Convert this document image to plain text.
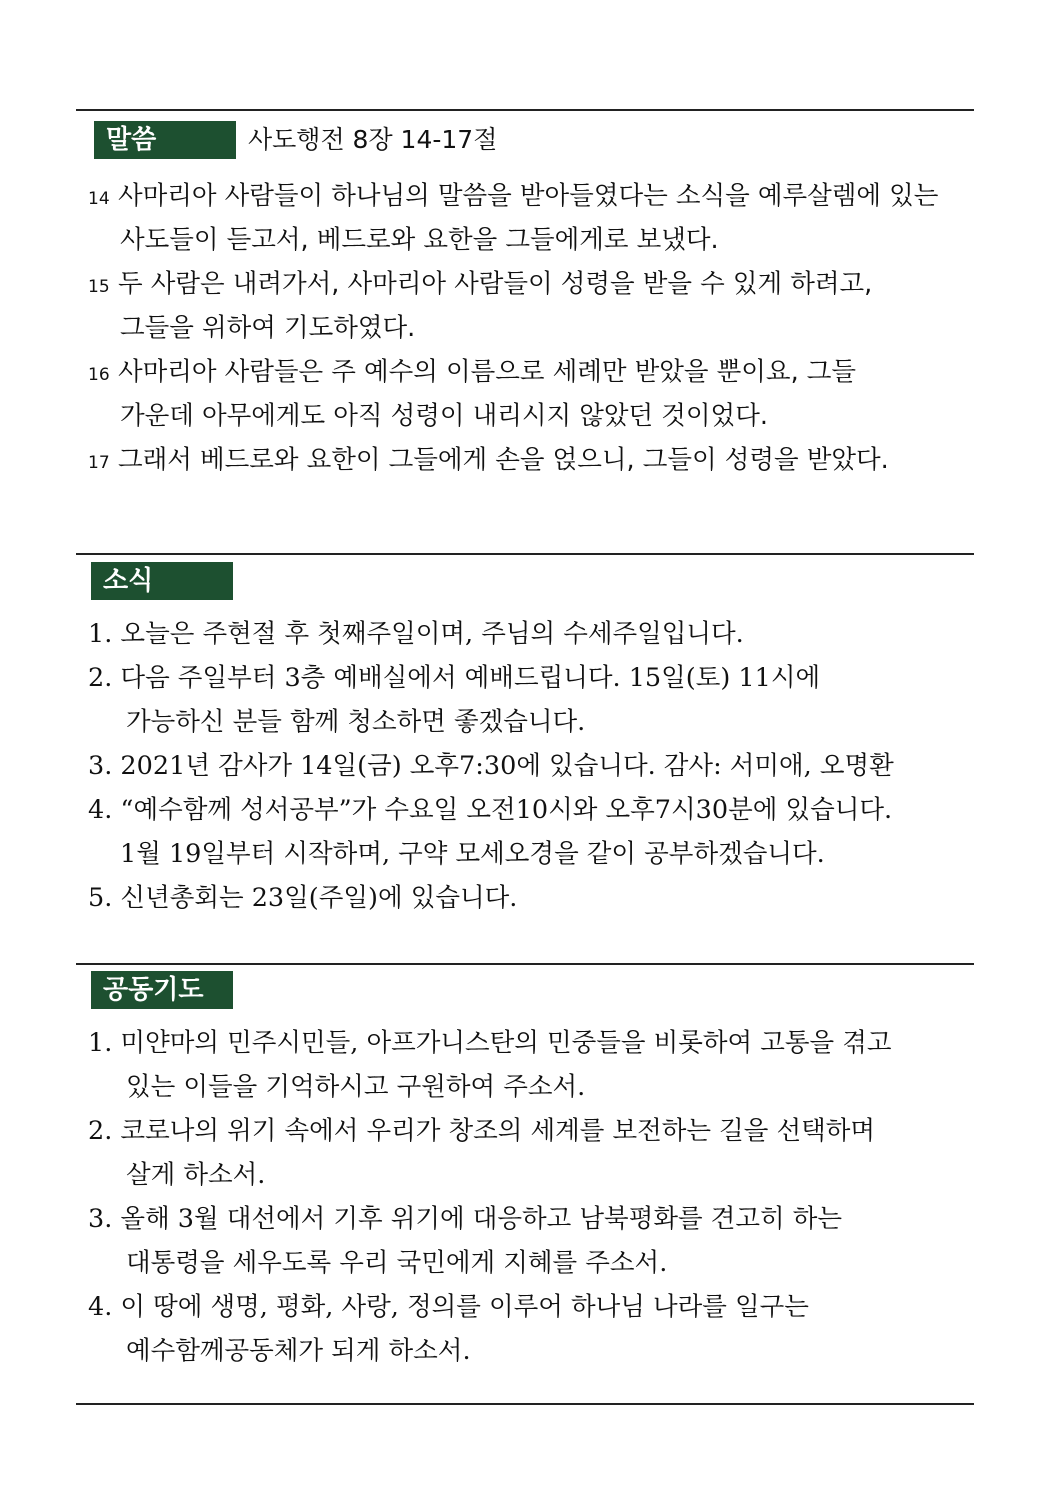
말씀	사도행전 8장 14-17절
14 사마리아 사람들이 하나님의 말씀을 받아들였다는 소식을 예루살렘에 있는
사도들이 듣고서, 베드로와 요한을 그들에게로 보냈다.
15 두 사람은 내려가서, 사마리아 사람들이 성령을 받을 수 있게 하려고,
그들을 위하여 기도하였다.
16 사마리아 사람들은 주 예수의 이름으로 세례만 받았을 뿐이요, 그들
가운데 아무에게도 아직 성령이 내리시지 않았던 것이었다.
17 그래서 베드로와 요한이 그들에게 손을 얹으니, 그들이 성령을 받았다.
소식
1. 오늘은 주현절 후 첫째주일이며, 주님의 수세주일입니다.
2. 다음 주일부터 3층 예배실에서 예배드립니다. 15일(토) 11시에
가능하신 분들 함께 청소하면 좋겠습니다.
3. 2021년 감사가 14일(금) 오후7:30에 있습니다. 감사: 서미애, 오명환
4. “예수함께 성서공부”가 수요일 오전10시와 오후7시30분에 있습니다.
1월 19일부터 시작하며, 구약 모세오경을 같이 공부하겠습니다.
5. 신년총회는 23일(주일)에 있습니다.
공동기도
1. 미얀마의 민주시민들, 아프가니스탄의 민중들을 비롯하여 고통을 겪고
있는 이들을 기억하시고 구원하여 주소서.
2. 코로나의 위기 속에서 우리가 창조의 세계를 보전하는 길을 선택하며
살게 하소서.
3. 올해 3월 대선에서 기후 위기에 대응하고 남북평화를 견고히 하는
대통령을 세우도록 우리 국민에게 지혜를 주소서.
4. 이 땅에 생명, 평화, 사랑, 정의를 이루어 하나님 나라를 일구는
예수함께공동체가 되게 하소서.
